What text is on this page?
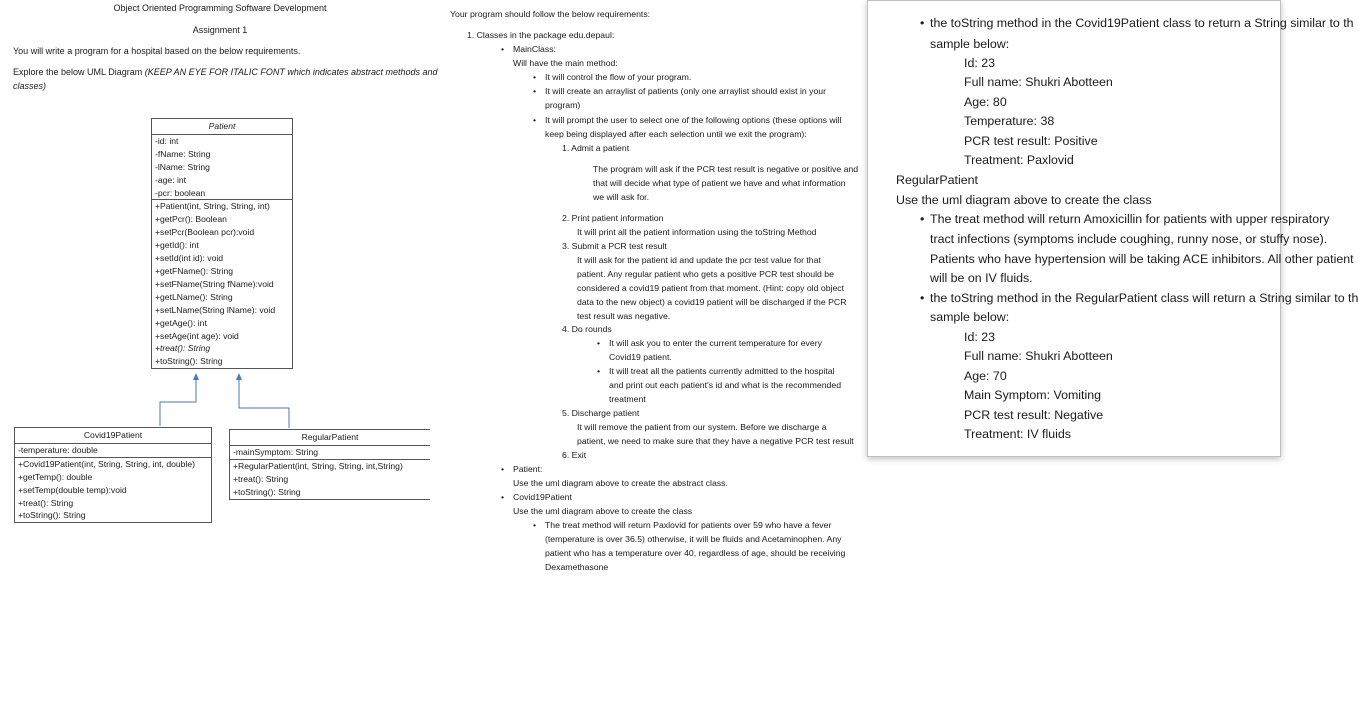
Object Oriented Programming Software Development
Assignment 1
You will write a program for a hospital based on the below requirements.
Explore the below UML Diagram (KEEP AN EYE FOR ITALIC FONT which indicates abstract methods and
classes)
Patient
-id: int
-fName: String
-lName: String
-age: int
-pcr: boolean
+Patient(int, String, String, int)
+getPcr(): Boolean
+setPcr(Boolean pcr):void
+getId(): int
+setId(int id): void
+getFName(): String
+setFName(String fName):void
+getLName(): String
+setLName(String lName): void
+getAge(): int
+setAge(int age): void
+treat(): String
+toString(): String
Covid19Patient
-temperature: double
+Covid19Patient(int, String, String, int, double)
+getTemp(): double
+setTemp(double temp):void
+treat(): String
+toString(): String
RegularPatient
-mainSymptom: String
+RegularPatient(int, String, String, int,String)
+treat(): String
+toString(): String
Your program should follow the below requirements:
1. Classes in the package edu.depaul:
• MainClass:
Will have the main method:
• It will control the flow of your program.
• It will create an arraylist of patients (only one arraylist should exist in your
program)
• It will prompt the user to select one of the following options (these options will
keep being displayed after each selection until we exit the program):
1. Admit a patient
The program will ask if the PCR test result is negative or positive and
that will decide what type of patient we have and what information
we will ask for.
2. Print patient information
It will print all the patient information using the toString Method
3. Submit a PCR test result
It will ask for the patient id and update the pcr test value for that
patient. Any regular patient who gets a positive PCR test should be
considered a covid19 patient from that moment. (Hint: copy old object
data to the new object) a covid19 patient will be discharged if the PCR
test result was negative.
4. Do rounds
• It will ask you to enter the current temperature for every
Covid19 patient.
• It will treat all the patients currently admitted to the hospital
and print out each patient's id and what is the recommended
treatment
5. Discharge patient
It will remove the patient from our system. Before we discharge a
patient, we need to make sure that they have a negative PCR test result
6. Exit
• Patient:
Use the uml diagram above to create the abstract class.
• Covid19Patient
Use the uml diagram above to create the class
• The treat method will return Paxlovid for patients over 59 who have a fever
(temperature is over 36.5) otherwise, it will be fluids and Acetaminophen. Any
patient who has a temperature over 40, regardless of age, should be receiving
Dexamethasone
• the toString method in the Covid19Patient class to return a String similar to th
sample below:
Id: 23
Full name: Shukri Abotteen
Age: 80
Temperature: 38
PCR test result: Positive
Treatment: Paxlovid
RegularPatient
Use the uml diagram above to create the class
• The treat method will return Amoxicillin for patients with upper respiratory
tract infections (symptoms include coughing, runny nose, or stuffy nose).
Patients who have hypertension will be taking ACE inhibitors. All other patient
will be on IV fluids.
• the toString method in the RegularPatient class will return a String similar to th
sample below:
Id: 23
Full name: Shukri Abotteen
Age: 70
Main Symptom: Vomiting
PCR test result: Negative
Treatment: IV fluids
